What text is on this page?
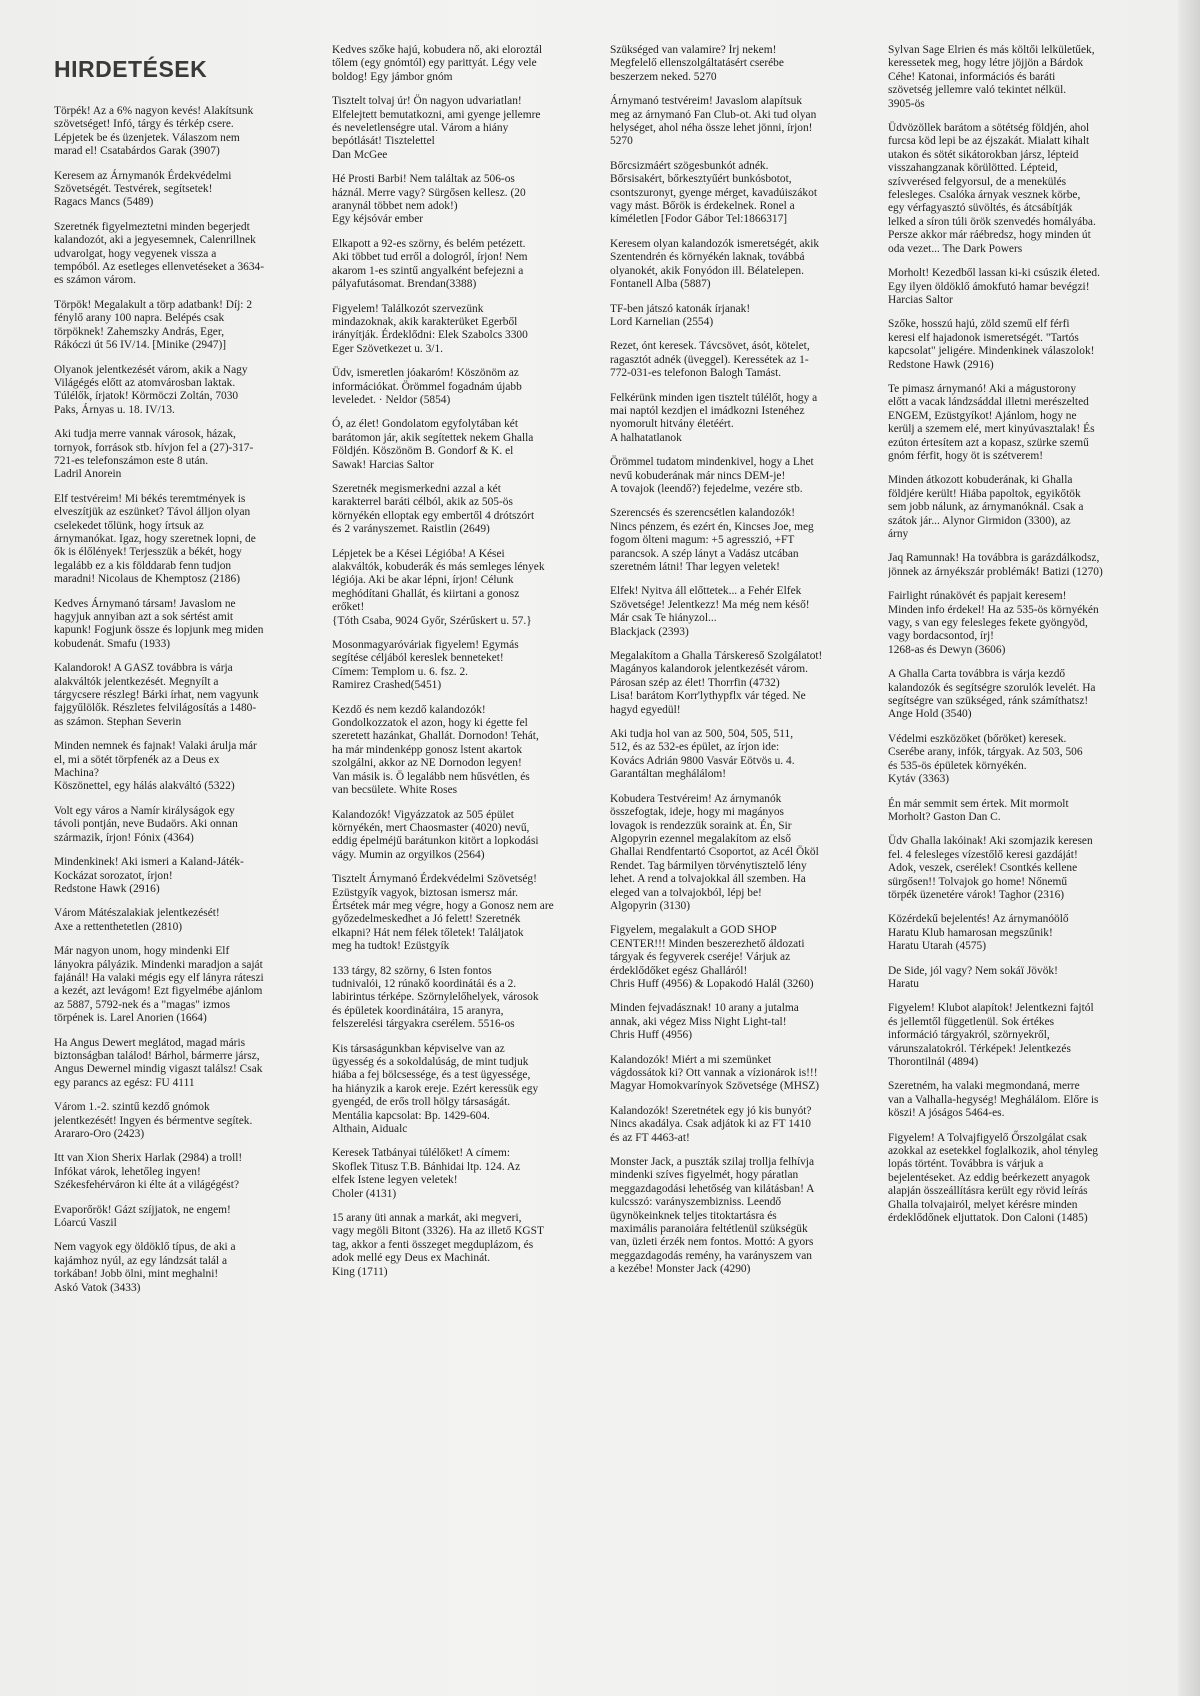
HIRDETÉSEK

Törpék! Az a 6% nagyon kevés! Alakítsunk
szövetséget! Infó, tárgy és térkép csere.
Lépjetek be és üzenjetek. Válaszom nem
marad el! Csatabárdos Garak (3907)

Keresem az Árnymanók Érdekvédelmi
Szövetségét. Testvérek, segítsetek!
Ragacs Mancs (5489)

Szeretnék figyelmeztetni minden begerjedt
kalandozót, aki a jegyesemnek, Calenrillnek
udvarolgat, hogy vegyenek vissza a
tempóból. Az esetleges ellenvetéseket a 3634-
es számon várom.

Törpök! Megalakult a törp adatbank! Díj: 2
fénylő arany 100 napra. Belépés csak
törpöknek! Zahemszky András, Eger,
Rákóczi út 56 IV/14. [Minike (2947)]

Olyanok jelentkezését várom, akik a Nagy
Világégés előtt az atomvárosban laktak.
Túlélők, írjatok! Körmöczi Zoltán, 7030
Paks, Árnyas u. 18. IV/13.

Aki tudja merre vannak városok, házak,
tornyok, források stb. hívjon fel a (27)-317-
721-es telefonszámon este 8 után.
Ladril Anorein

Elf testvéreim! Mi békés teremtmények is
elveszítjük az eszünket? Távol álljon olyan
cselekedet tőlünk, hogy írtsuk az
árnymanókat. Igaz, hogy szeretnek lopni, de
ők is élőlények! Terjesszük a békét, hogy
legalább ez a kis földdarab fenn tudjon
maradni! Nicolaus de Khemptosz (2186)

Kedves Árnymanó társam! Javaslom ne
hagyjuk annyiban azt a sok sértést amit
kapunk! Fogjunk össze és lopjunk meg miden
kobudenát. Smafu (1933)

Kalandorok! A GASZ továbbra is várja
alakváltók jelentkezését. Megnyílt a
tárgycsere részleg! Bárki írhat, nem vagyunk
fajgyűlölők. Részletes felvilágosítás a 1480-
as számon. Stephan Severin

Minden nemnek és fajnak! Valaki árulja már
el, mi a sötét törpfenék az a Deus ex
Machina?
Köszönettel, egy hálás alakváltó (5322)

Volt egy város a Namír királyságok egy
távoli pontján, neve Budaörs. Aki onnan
származik, írjon! Fónix (4364)

Mindenkinek! Aki ismeri a Kaland-Játék-
Kockázat sorozatot, írjon!
Redstone Hawk (2916)

Várom Mátészalakiak jelentkezését!
Axe a rettenthetetlen (2810)

Már nagyon unom, hogy mindenki Elf
lányokra pályázik. Mindenki maradjon a saját
fajánál! Ha valaki mégis egy elf lányra ráteszi
a kezét, azt levágom! Ezt figyelmébe ajánlom
az 5887, 5792-nek és a "magas" izmos
törpének is. Larel Anorien (1664)

Ha Angus Dewert meglátod, magad máris
biztonságban találod! Bárhol, bármerre jársz,
Angus Dewernel mindig vigaszt találsz! Csak
egy parancs az egész: FU 4111

Várom 1.-2. szintű kezdő gnómok
jelentkezését! Ingyen és bérmentve segítek.
Arararo-Oro (2423)

Itt van Xion Sherix Harlak (2984) a troll!
Infókat várok, lehetőleg ingyen!
Székesfehérváron ki élte át a világégést?

Evaporőrök! Gázt szíjjatok, ne engem!
Lóarcú Vaszil

Nem vagyok egy öldöklő típus, de aki a
kajámhoz nyúl, az egy lándzsát talál a
torkában! Jobb ölni, mint meghalni!
Askó Vatok (3433)

Kedves szőke hajú, kobudera nő, aki eloroztál
tőlem (egy gnómtól) egy parittyát. Légy vele
boldog! Egy jámbor gnóm

Tisztelt tolvaj úr! Ön nagyon udvariatlan!
Elfelejtett bemutatkozni, ami gyenge jellemre
és neveletlenségre utal. Várom a hiány
bepótlását! Tisztelettel
Dan McGee

Hé Prosti Barbi! Nem találtak az 506-os
háznál. Merre vagy? Sürgősen kellesz. (20
aranynál többet nem adok!)
Egy kéjsóvár ember

Elkapott a 92-es szörny, és belém petézett.
Aki többet tud erről a dologról, írjon! Nem
akarom 1-es szintű angyalként befejezni a
pályafutásomat. Brendan(3388)

Figyelem! Találkozót szervezünk
mindazoknak, akik karakterüket Egerből
irányítják. Érdeklődni: Elek Szabolcs 3300
Eger Szövetkezet u. 3/1.

Üdv, ismeretlen jóakaróm! Köszönöm az
információkat. Örömmel fogadnám újabb
leveledet. · Neldor (5854)

Ó, az élet! Gondolatom egyfolytában két
barátomon jár, akik segítettek nekem Ghalla
Földjén. Köszönöm B. Gondorf & K. el
Sawak! Harcias Saltor

Szeretnék megismerkedni azzal a két
karakterrel baráti célból, akik az 505-ös
környékén elloptak egy embertől 4 drótszórt
és 2 varányszemet. Raistlin (2649)

Lépjetek be a Kései Légióba! A Kései
alakváltók, kobuderák és más semleges lények
légiója. Aki be akar lépni, írjon! Célunk
meghódítani Ghallát, és kiirtani a gonosz
erőket!
{Tóth Csaba, 9024 Győr, Szérűskert u. 57.}

Mosonmagyaróváriak figyelem! Egymás
segítése céljából kereslek benneteket!
Címem: Templom u. 6. fsz. 2.
Ramirez Crashed(5451)

Kezdő és nem kezdő kalandozók!
Gondolkozzatok el azon, hogy ki égette fel
szeretett hazánkat, Ghallát. Dornodon! Tehát,
ha már mindenképp gonosz lstent akartok
szolgálni, akkor az NE Dornodon legyen!
Van másik is. Ö legalább nem hűsvétlen, és
van becsülete. White Roses

Kalandozók! Vigyázzatok az 505 épület
környékén, mert Chaosmaster (4020) nevű,
eddig épelméjű barátunkon kitört a lopkodási
vágy. Mumin az orgyilkos (2564)

Tisztelt Árnymanó Érdekvédelmi Szövetség!
Ezüstgyík vagyok, biztosan ismersz már.
Értsétek már meg végre, hogy a Gonosz nem are
győzedelmeskedhet a Jó felett! Szeretnék
elkapni? Hát nem félek tőletek! Találjatok
meg ha tudtok! Ezüstgyík

133 tárgy, 82 szörny, 6 Isten fontos
tudnivalói, 12 rúnakő koordinátái és a 2.
labirintus térképe. Szörnylelőhelyek, városok
és épületek koordinátáira, 15 aranyra,
felszerelési tárgyakra cserélem. 5516-os

Kis társaságunkban képviselve van az
ügyesség és a sokoldalúság, de mint tudjuk
hiába a fej bölcsessége, és a test ügyessége,
ha hiányzik a karok ereje. Ezért keressük egy
gyengéd, de erős troll hölgy társaságát.
Mentália kapcsolat: Bp. 1429-604.
Althain, Aidualc

Keresek Tatbányai túlélőket! A címem:
Skoflek Titusz T.B. Bánhidai ltp. 124. Az
elfek Istene legyen veletek!
Choler (4131)

15 arany üti annak a markát, aki megveri,
vagy megöli Bitont (3326). Ha az illető KGST
tag, akkor a fenti összeget megduplázom, és
adok mellé egy Deus ex Machinát.
King (1711)

Szükséged van valamire? Írj nekem!
Megfelelő ellenszolgáltatásért cserébe
beszerzem neked. 5270

Árnymanó testvéreim! Javaslom alapítsuk
meg az árnymanó Fan Club-ot. Aki tud olyan
helységet, ahol néha össze lehet jönni, írjon!
5270

Bőrcsizmáért szögesbunkót adnék.
Bőrsisakért, bőrkesztyűért bunkósbotot,
csontszuronyt, gyenge mérget, kavadúiszákot
vagy mást. Bőrök is érdekelnek. Ronel a
kíméletlen [Fodor Gábor Tel:1866317]

Keresem olyan kalandozók ismeretségét, akik
Szentendrén és környékén laknak, továbbá
olyanokét, akik Fonyódon ill. Bélatelepen.
Fontanell Alba (5887)

TF-ben játszó katonák írjanak!
Lord Karnelian (2554)

Rezet, ónt keresek. Távcsövet, ásót, kötelet,
ragasztót adnék (üveggel). Keressétek az 1-
772-031-es telefonon Balogh Tamást.

Felkérünk minden igen tisztelt túlélőt, hogy a
mai naptól kezdjen el imádkozni Istenéhez
nyomorult hitvány életéért.
A halhatatlanok

Örömmel tudatom mindenkivel, hogy a Lhet
nevű kobuderának már nincs DEM-je!
A tovajok (leendő?) fejedelme, vezére stb.

Szerencsés és szerencsétlen kalandozók!
Nincs pénzem, és ezért én, Kincses Joe, meg
fogom ölteni magum: +5 agresszió, +FT
parancsok. A szép lányt a Vadász utcában
szeretném látni! Thar legyen veletek!

Elfek! Nyitva áll előttetek... a Fehér Elfek
Szövetsége! Jelentkezz! Ma még nem késő!
Már csak Te hiányzol...
Blackjack (2393)

Megalakítom a Ghalla Társkereső Szolgálatot!
Magányos kalandorok jelentkezését várom.
Párosan szép az élet! Thorrfin (4732)
Lisa! barátom Korr'lythypflx vár téged. Ne
hagyd egyedül!

Aki tudja hol van az 500, 504, 505, 511,
512, és az 532-es épület, az írjon ide:
Kovács Adrián 9800 Vasvár Eötvös u. 4.
Garantáltan meghálálom!

Kobudera Testvéreim! Az árnymanók
összefogtak, ideje, hogy mi magányos
lovagok is rendezzük soraink at. Én, Sir
Algopyrin ezennel megalakítom az első
Ghallai Rendfentartó Csoportot, az Acél Ököl
Rendet. Tag bármilyen törvénytisztelő lény
lehet. A rend a tolvajokkal áll szemben. Ha
eleged van a tolvajokból, lépj be!
Algopyrin (3130)

Figyelem, megalakult a GOD SHOP
CENTER!!! Minden beszerezhető áldozati
tárgyak és fegyverek cseréje! Várjuk az
érdeklődőket egész Ghalláról!
Chris Huff (4956) & Lopakodó Halál (3260)

Minden fejvadásznak! 10 arany a jutalma
annak, aki végez Miss Night Light-tal!
Chris Huff (4956)

Kalandozók! Miért a mi szemünket
vágdossátok ki? Ott vannak a vízionárok is!!!
Magyar Homokvarínyok Szövetsége (MHSZ)

Kalandozók! Szeretnétek egy jó kis bunyót?
Nincs akadálya. Csak adjátok ki az FT 1410
és az FT 4463-at!

Monster Jack, a puszták szilaj trollja felhívja
mindenki szíves figyelmét, hogy páratlan
meggazdagodási lehetőség van kilátásban! A
kulcsszó: varányszembizniss. Leendő
ügynökeinknek teljes titoktartásra és
maximális paranoiára feltétlenül szükségük
van, üzleti érzék nem fontos. Mottó: A gyors
meggazdagodás remény, ha varányszem van
a kezébe! Monster Jack (4290)

Sylvan Sage Elrien és más költői lelkületűek,
keressetek meg, hogy létre jöjjön a Bárdok
Céhe! Katonai, információs és baráti
szövetség jellemre való tekintet nélkül.
3905-ös

Üdvözöllek barátom a sötétség földjén, ahol
furcsa köd lepi be az éjszakát. Mialatt kihalt
utakon és sötét sikátorokban jársz, lépteid
visszahangzanak körülötted. Lépteid,
szívverésed felgyorsul, de a menekülés
felesleges. Csalóka árnyak vesznek körbe,
egy vérfagyasztó süvöltés, és átcsábítják
lelked a síron túli örök szenvedés homályába.
Persze akkor már ráébredsz, hogy minden út
oda vezet... The Dark Powers

Morholt! Kezedből lassan ki-ki csúszik életed.
Egy ilyen öldöklő ámokfutó hamar bevégzi!
Harcias Saltor

Szőke, hosszú hajú, zöld szemű elf férfi
keresi elf hajadonok ismeretségét. "Tartós
kapcsolat" jeligére. Mindenkinek válaszolok!
Redstone Hawk (2916)

Te pimasz árnymanó! Aki a mágustorony
előtt a vacak lándzsáddal illetni merészelted
ENGEM, Ezüstgyíkot! Ajánlom, hogy ne
kerülj a szemem elé, mert kinyúvasztalak! És
ezúton értesítem azt a kopasz, szürke szemű
gnóm férfit, hogy öt is szétverem!

Minden átkozott kobuderának, ki Ghalla
földjére került! Hiába papoltok, egyikőtök
sem jobb nálunk, az árnymanóknál. Csak a
szátok jár... Alynor Girmidon (3300), az
árny

Jaq Ramunnak! Ha továbbra is garázdálkodsz,
jönnek az árnyékszár problémák! Batizi (1270)

Fairlight rúnakövét és papjait keresem!
Minden info érdekel! Ha az 535-ös környékén
vagy, s van egy felesleges fekete gyöngyöd,
vagy bordacsontod, írj!
1268-as és Dewyn (3606)

A Ghalla Carta továbbra is várja kezdő
kalandozók és segítségre szorulók levelét. Ha
segítségre van szükséged, ránk számíthatsz!
Ange Hold (3540)

Védelmi eszközöket (bőröket) keresek.
Cserébe arany, infók, tárgyak. Az 503, 506
és 535-ös épületek környékén.
Kytáv (3363)

Én már semmit sem értek. Mit mormolt
Morholt? Gaston Dan C.

Üdv Ghalla lakóinak! Aki szomjazik keresen
fel. 4 felesleges vízestőlő keresi gazdáját!
Adok, veszek, cserélek! Csontkés kellene
sürgősen!! Tolvajok go home! Nőnemű
törpék üzenetére várok! Taghor (2316)

Közérdekű bejelentés! Az árnymanóölő
Haratu Klub hamarosan megszűnik!
Haratu Utarah (4575)

De Side, jól vagy? Nem sokáï Jövök!
Haratu

Figyelem! Klubot alapítok! Jelentkezni fajtól
és jellemtől függetlenül. Sok értékes
információ tárgyakról, szörnyekről,
várunszalatokról. Térképek! Jelentkezés
Thorontilnál (4894)

Szeretném, ha valaki megmondaná, merre
van a Valhalla-hegység! Meghálálom. Előre is
köszi! A jóságos 5464-es.

Figyelem! A Tolvajfigyelő Őrszolgálat csak
azokkal az esetekkel foglalkozik, ahol tényleg
lopás történt. Továbbra is várjuk a
bejelentéseket. Az eddig beérkezett anyagok
alapján összeállításra került egy rövid leírás
Ghalla tolvajairól, melyet kérésre minden
érdeklődőnek eljuttatok. Don Caloni (1485)
